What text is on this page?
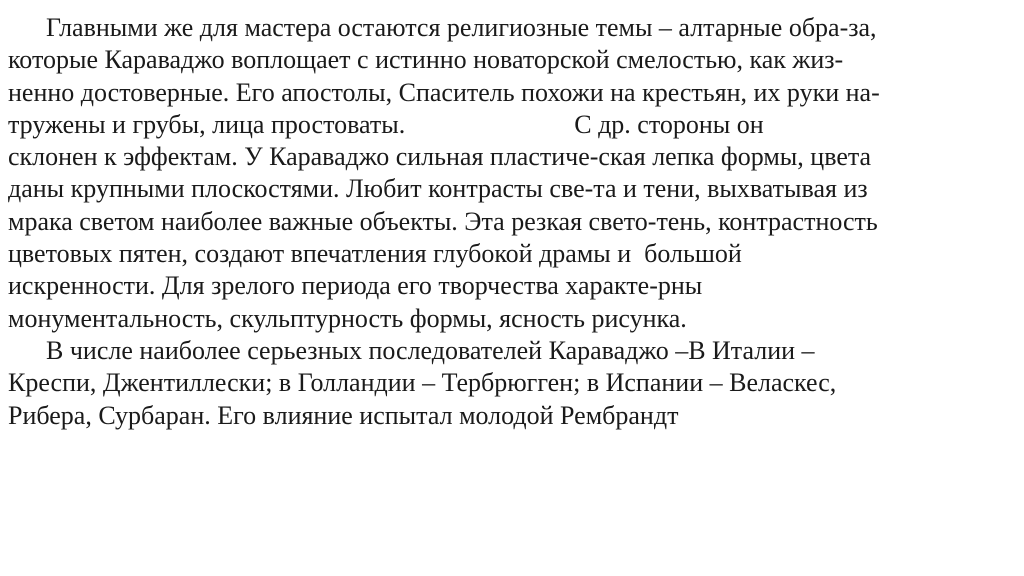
Главными же для мастера остаются религиозные темы – алтарные обра-за,
которые Караваджо воплощает с истинно новаторской смелостью, как жиз-
ненно достоверные. Его апостолы, Спаситель похожи на крестьян, их руки на-
тружены и грубы, лица простоваты.                          С др. стороны он
склонен к эффектам. У Караваджо сильная пластиче-ская лепка формы, цвета
даны крупными плоскостями. Любит контрасты све-та и тени, выхватывая из
мрака светом наиболее важные объекты. Эта резкая свето-тень, контрастность
цветовых пятен, создают впечатления глубокой драмы и  большой
искренности. Для зрелого периода его творчества характе-рны
монументальность, скульптурность формы, ясность рисунка.
В числе наиболее серьезных последователей Караваджо –В Италии –
Креспи, Джентиллески; в Голландии – Тербрюгген; в Испании – Веласкес,
Рибера, Сурбаран. Его влияние испытал молодой Рембрандт
